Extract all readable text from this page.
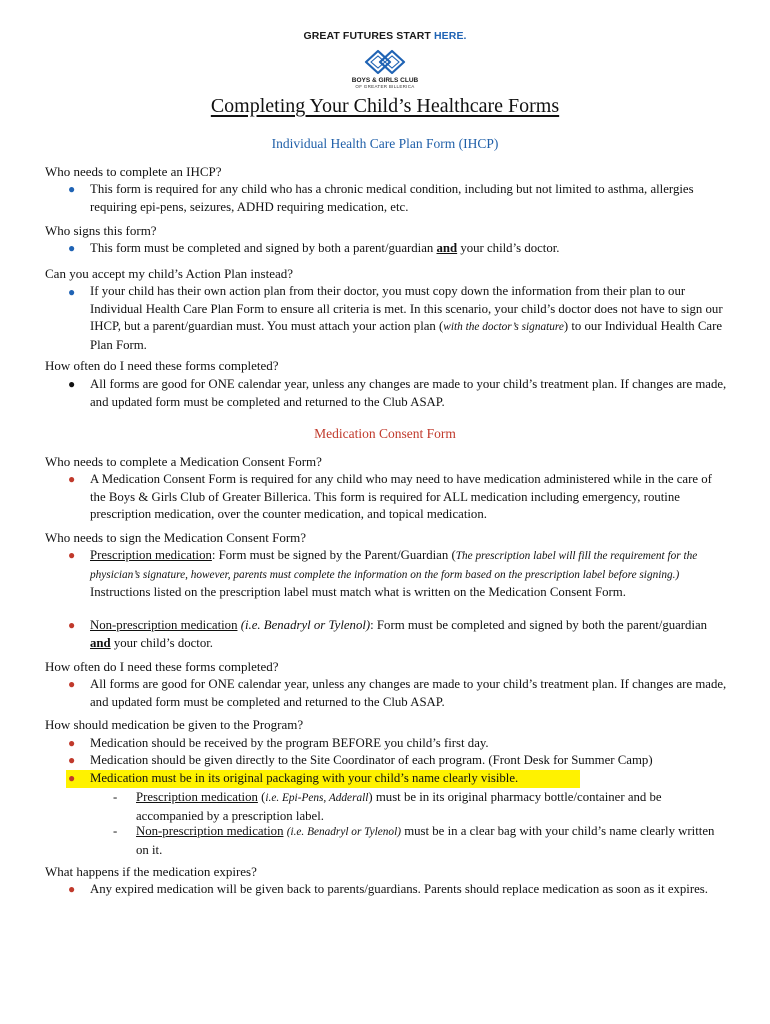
GREAT FUTURES START HERE.
BOYS & GIRLS CLUB
OF GREATER BILLERICA
Completing Your Child’s Healthcare Forms
Individual Health Care Plan Form (IHCP)
Who needs to complete an IHCP?
● This form is required for any child who has a chronic medical condition, including but not limited to asthma, allergies requiring epi-pens, seizures, ADHD requiring medication, etc.
Who signs this form?
● This form must be completed and signed by both a parent/guardian and your child’s doctor.
Can you accept my child’s Action Plan instead?
● If your child has their own action plan from their doctor, you must copy down the information from their plan to our Individual Health Care Plan Form to ensure all criteria is met. In this scenario, your child’s doctor does not have to sign our IHCP, but a parent/guardian must. You must attach your action plan (with the doctor’s signature) to our Individual Health Care Plan Form.
How often do I need these forms completed?
● All forms are good for ONE calendar year, unless any changes are made to your child’s treatment plan. If changes are made, and updated form must be completed and returned to the Club ASAP.
Medication Consent Form
Who needs to complete a Medication Consent Form?
● A Medication Consent Form is required for any child who may need to have medication administered while in the care of the Boys & Girls Club of Greater Billerica. This form is required for ALL medication including emergency, routine prescription medication, over the counter medication, and topical medication.
Who needs to sign the Medication Consent Form?
● Prescription medication: Form must be signed by the Parent/Guardian (The prescription label will fill the requirement for the physician’s signature, however, parents must complete the information on the form based on the prescription label before signing.) Instructions listed on the prescription label must match what is written on the Medication Consent Form.
● Non-prescription medication (i.e. Benadryl or Tylenol): Form must be completed and signed by both the parent/guardian and your child’s doctor.
How often do I need these forms completed?
● All forms are good for ONE calendar year, unless any changes are made to your child’s treatment plan. If changes are made, and updated form must be completed and returned to the Club ASAP.
How should medication be given to the Program?
● Medication should be received by the program BEFORE you child’s first day.
● Medication should be given directly to the Site Coordinator of each program. (Front Desk for Summer Camp)
● Medication must be in its original packaging with your child’s name clearly visible.
- Prescription medication (i.e. Epi-Pens, Adderall) must be in its original pharmacy bottle/container and be accompanied by a prescription label.
- Non-prescription medication (i.e. Benadryl or Tylenol) must be in a clear bag with your child’s name clearly written on it.
What happens if the medication expires?
● Any expired medication will be given back to parents/guardians. Parents should replace medication as soon as it expires.
